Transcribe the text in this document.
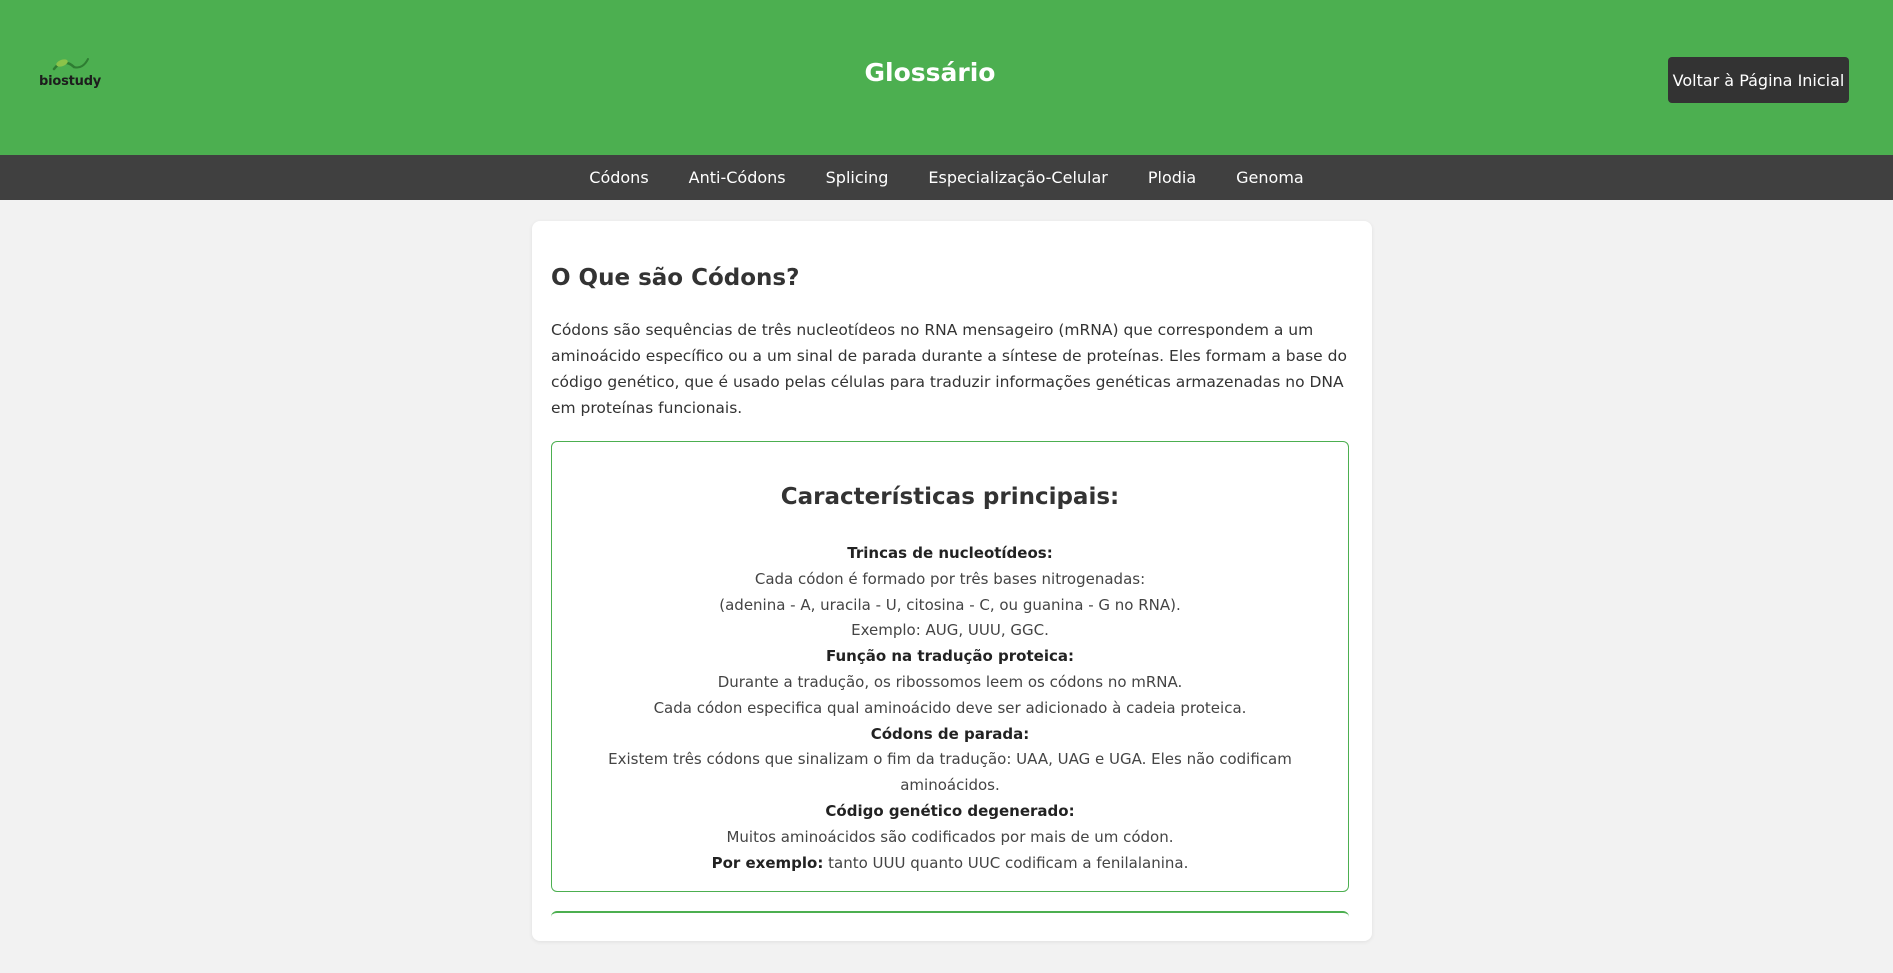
biostudy	Glossário	Voltar à Página Inicial
Códons	Anti-Códons	Splicing	Especialização-Celular	Plodia	Genoma
O Que são Códons?

Códons são sequências de três nucleotídeos no RNA mensageiro (mRNA) que correspondem a um aminoácido específico ou a um sinal de parada durante a síntese de proteínas. Eles formam a base do código genético, que é usado pelas células para traduzir informações genéticas armazenadas no DNA em proteínas funcionais.

Características principais:
Trincas de nucleotídeos:
Cada códon é formado por três bases nitrogenadas:
(adenina - A, uracila - U, citosina - C, ou guanina - G no RNA).
Exemplo: AUG, UUU, GGC.
Função na tradução proteica:
Durante a tradução, os ribossomos leem os códons no mRNA.
Cada códon especifica qual aminoácido deve ser adicionado à cadeia proteica.
Códons de parada:
Existem três códons que sinalizam o fim da tradução: UAA, UAG e UGA. Eles não codificam aminoácidos.
Código genético degenerado:
Muitos aminoácidos são codificados por mais de um códon.
Por exemplo: tanto UUU quanto UUC codificam a fenilalanina.
